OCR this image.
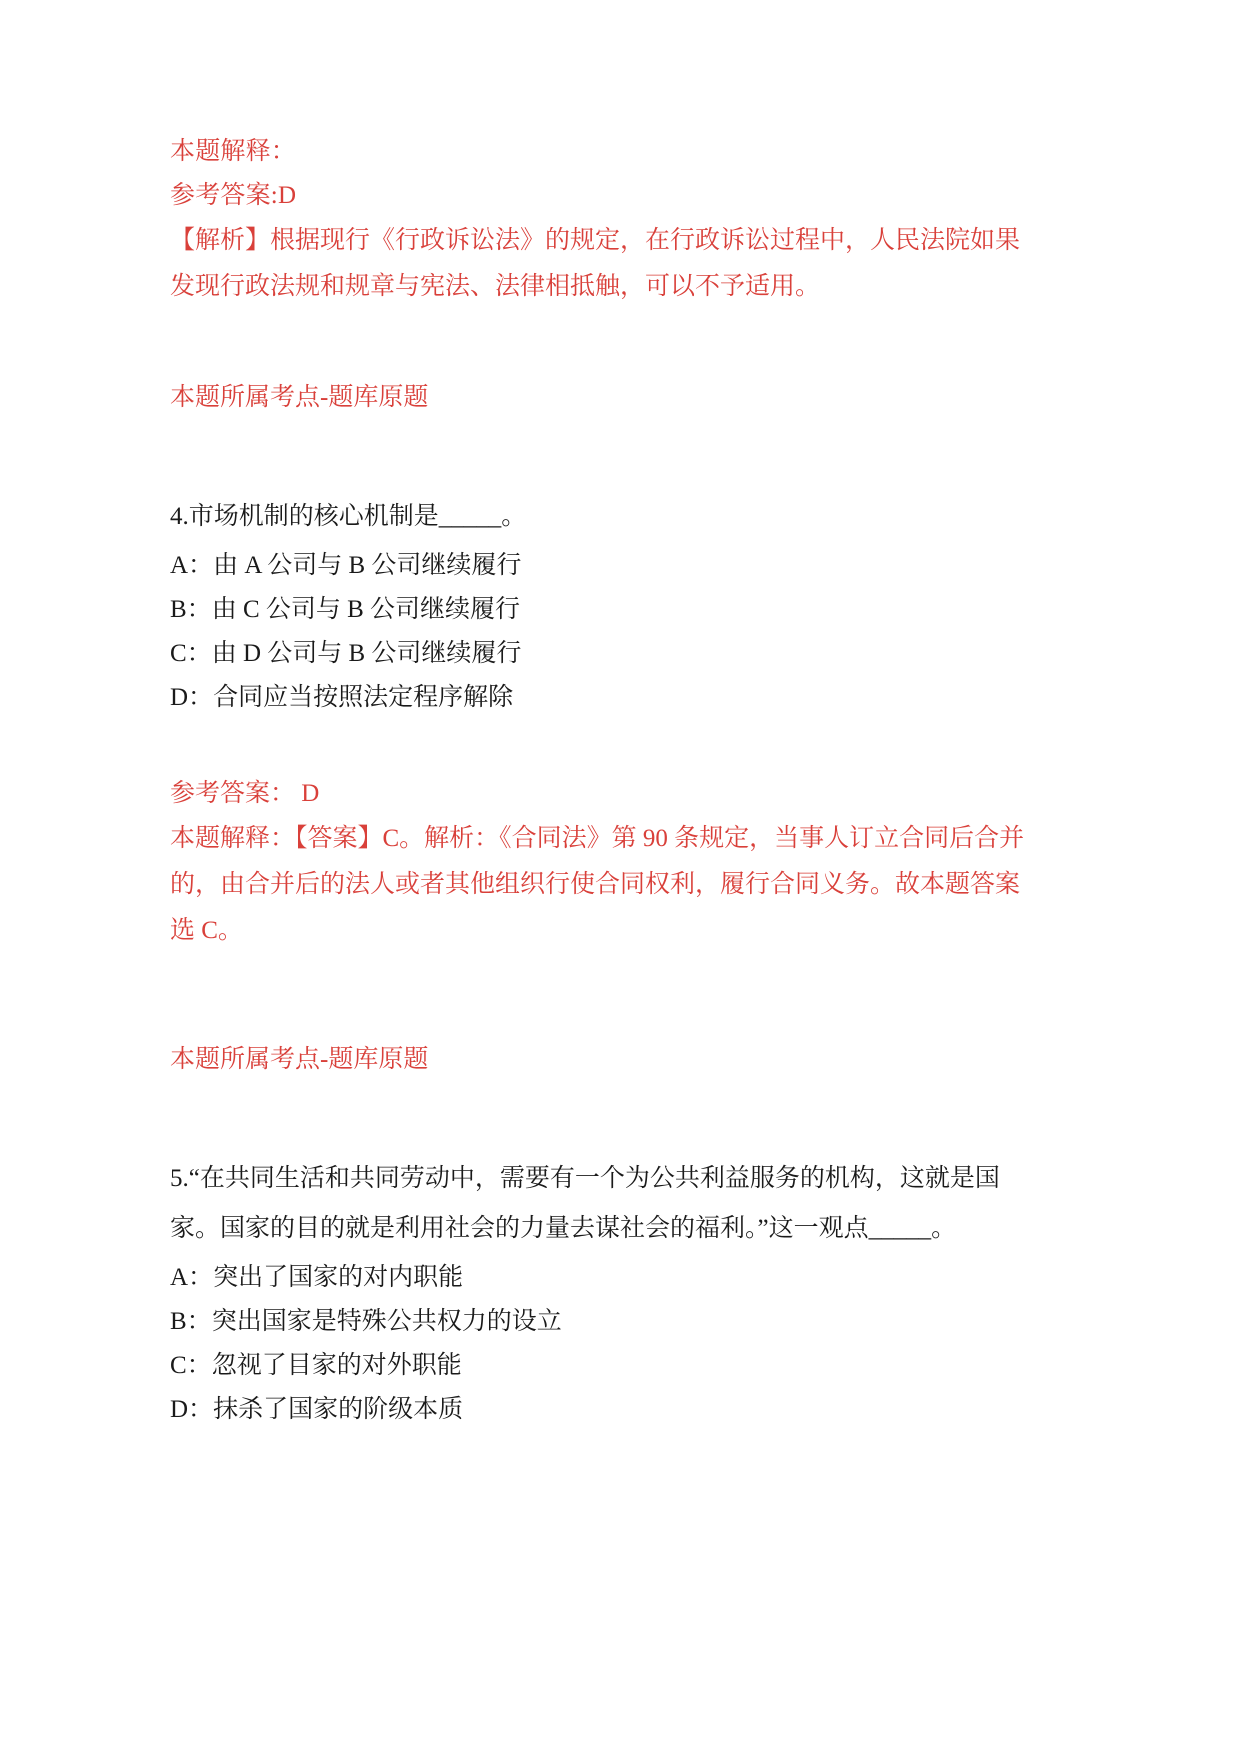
本题解释：

参考答案:D

【解析】根据现行《行政诉讼法》的规定，在行政诉讼过程中，人民法院如果

发现行政法规和规章与宪法、法律相抵触，可以不予适用。

本题所属考点-题库原题

4.市场机制的核心机制是_____。

A：由 A 公司与 B 公司继续履行

B：由 C 公司与 B 公司继续履行

C：由 D 公司与 B 公司继续履行

D：合同应当按照法定程序解除

参考答案： D

本题解释：【答案】C。解析：《合同法》第 90 条规定，当事人订立合同后合并

的，由合并后的法人或者其他组织行使合同权利，履行合同义务。故本题答案

选 C。

本题所属考点-题库原题

5.“在共同生活和共同劳动中，需要有一个为公共利益服务的机构，这就是国

家。国家的目的就是利用社会的力量去谋社会的福利。”这一观点_____。

A：突出了国家的对内职能

B：突出国家是特殊公共权力的设立

C：忽视了目家的对外职能

D：抹杀了国家的阶级本质
